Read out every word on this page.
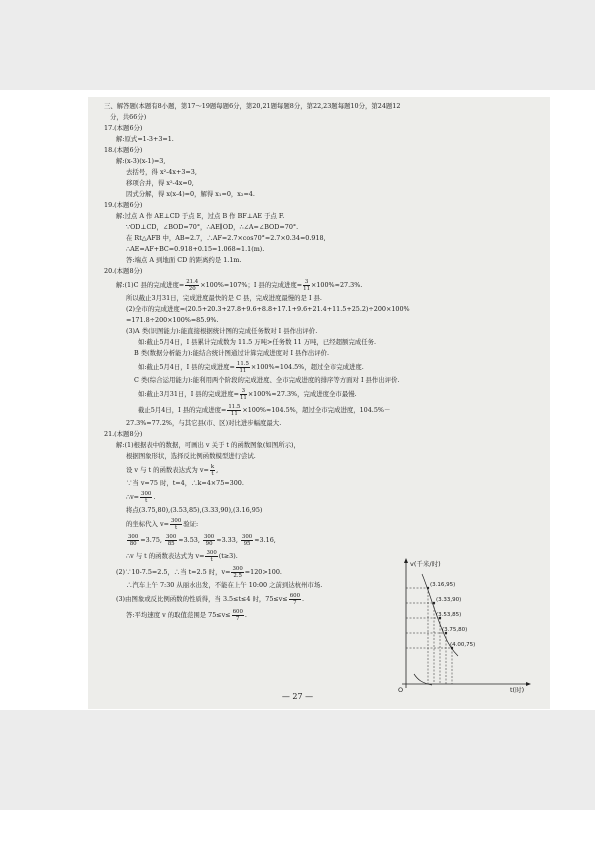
三、解答题(本题有8小题，第17～19题每题6分，第20,21题每题8分，第22,23题每题10分，第24题12
分，共66分)
17.(本题6分)
解:原式=1-3+3=1.
18.(本题6分)
解:(x-3)(x-1)=3,
去括号，得 x²-4x+3=3,
移项合并，得 x²-4x=0,
因式分解，得 x(x-4)=0，解得 x₁=0，x₂=4.
19.(本题6分)
解:过点 A 作 AE⊥CD 于点 E，过点 B 作 BF⊥AE 于点 F.
∵OD⊥CD，∠BOD=70°，∴AE∥OD，∴∠A=∠BOD=70°.
在 Rt△AFB 中，AB=2.7，∴AF=2.7×cos70°=2.7×0.34=0.918,
∴AE=AF+BC=0.918+0.15=1.068≈1.1(m).
答:端点 A 到地面 CD 的距离约是 1.1m.
20.(本题8分)
解:(1)C 县的完成进度= $\frac{21.4}{20} \times 100\%=107\%$；I 县的完成进度= $\frac{3}{11} \times 100\%\approx 27.3\%$.
所以截止3月31日，完成进度最快的是 C 县，完成进度最慢的是 I 县.
(2)全市的完成进度=(20.5+20.3+27.8+9.6+8.8+17.1+9.6+21.4+11.5+25.2)÷200×100%
=171.8÷200×100%=85.9%.
(3)A 类(识图能力):能直接根据统计图的完成任务数对 I 县作出评价.
如:截止5月4日，I 县累计完成数为 11.5 万吨>任务数 11 万吨，已经超额完成任务.
B 类(数据分析能力):能结合统计图通过计算完成进度对 I 县作出评价.
如:截止5月4日，I 县的完成进度= $\frac{11.5}{11} \times 100\%\approx 104.5\%$，超过全市完成进度.
C 类(综合运用能力):能利用两个阶段的完成进度、全市完成进度的排序等方面对 I 县作出评价.
如:截止3月31日，I 县的完成进度= $\frac{3}{11} \times 100\%\approx 27.3\%$，完成进度全市最慢.
截止5月4日，I 县的完成进度= $\frac{11.5}{11} \times 100\%\approx 104.5\%$，超过全市完成进度，104.5%－
27.3%=77.2%，与其它县(市、区)对比进步幅度最大.
21.(本题8分)
解:(1)根据表中的数据，可画出 v 关于 t 的函数图象(如图所示)，
根据图象形状，选择反比例函数模型进行尝试.
设 v 与 t 的函数表达式为 $v= \frac{k}{t}$ ,
∵当 v=75 时，t=4，∴k=4×75=300.
∴v= $\frac{300}{t}$ .
将点(3.75,80),(3.53,85),(3.33,90),(3.16,95)
的坐标代入 $v= \frac{300}{t}$ 验证:
$\frac{300}{80} =3.75$, $\frac{300}{85} \approx 3.53$, $\frac{300}{90} \approx 3.33$, $\frac{300}{95} \approx 3.16$,
∴v 与 t 的函数表达式为 $v= \frac{300}{t} (t\ge 3)$.
(2)∵10-7.5=2.5，∴当 t=2.5 时，$v= \frac{300}{2.5} =120>100$.
∴汽车上午 7:30 从丽水出发，不能在上午 10:00 之前到达杭州市场.
(3)由图象或反比例函数的性质得，当 3.5≤t≤4 时，$75\le v\le \frac{600}{7}$ .
答:平均速度 v 的取值范围是 $75\le v\le \frac{600}{7}$ .
v(千米/时)
t(时)
O
(3.16,95)
(3.33,90)
(3.53,85)
(3.75,80)
(4.00,75)
— 27 —
